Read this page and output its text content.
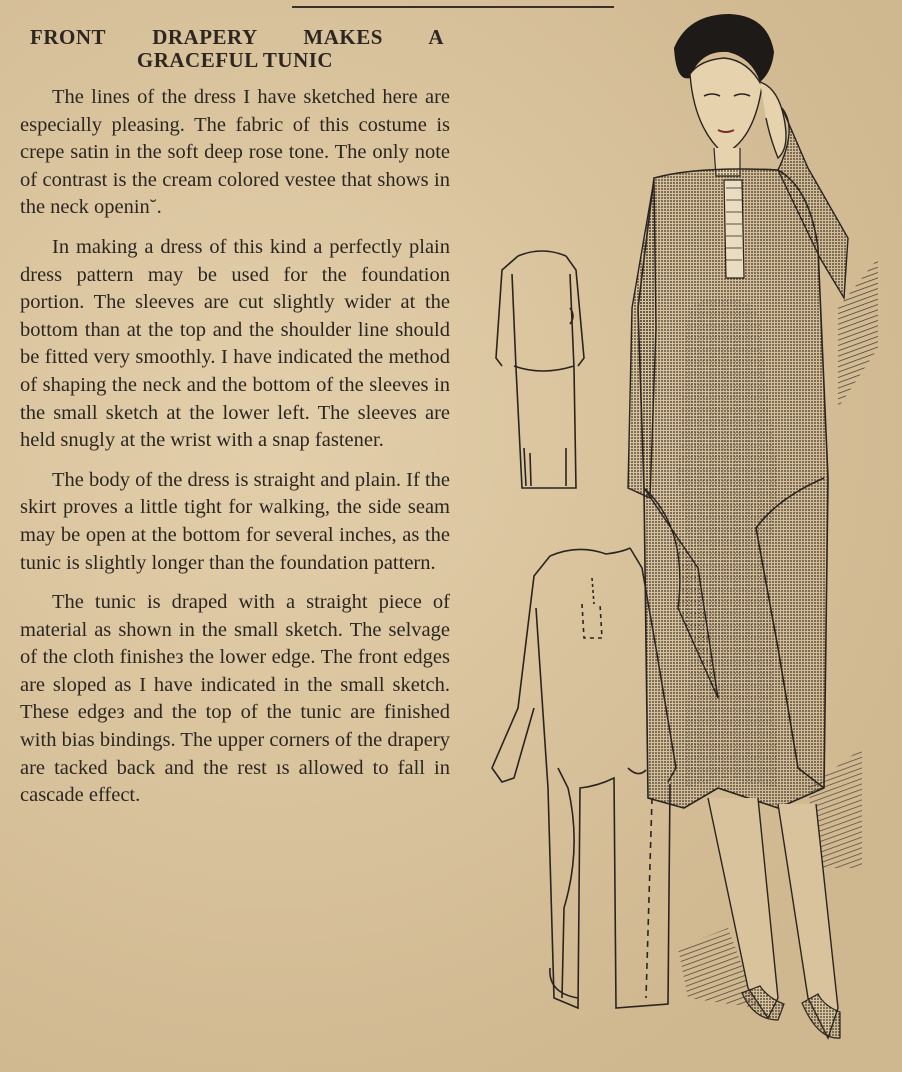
FRONT DRAPERY MAKES A
GRACEFUL TUNIC

The lines of the dress I have sketched here are especially pleasing. The fabric of this costume is crepe satin in the soft deep rose tone. The only note of contrast is the cream colored vestee that shows in the neck openin˘.

In making a dress of this kind a perfectly plain dress pattern may be used for the foundation portion. The sleeves are cut slightly wider at the bottom than at the top and the shoulder line should be fitted very smoothly. I have indicated the method of shaping the neck and the bottom of the sleeves in the small sketch at the lower left. The sleeves are held snugly at the wrist with a snap fastener.

The body of the dress is straight and plain. If the skirt proves a little tight for walking, the side seam may be open at the bottom for several inches, as the tunic is slightly longer than the foundation pattern.

The tunic is draped with a straight piece of material as shown in the small sketch. The selvage of the cloth finisheз the lower edge. The front edges are sloped as I have indicated in the small sketch. These edgeз and the top of the tunic are finished with bias bindings. The upper corners of the drapery are tacked back and the rest ıs allowed to fall in cascade effect.
